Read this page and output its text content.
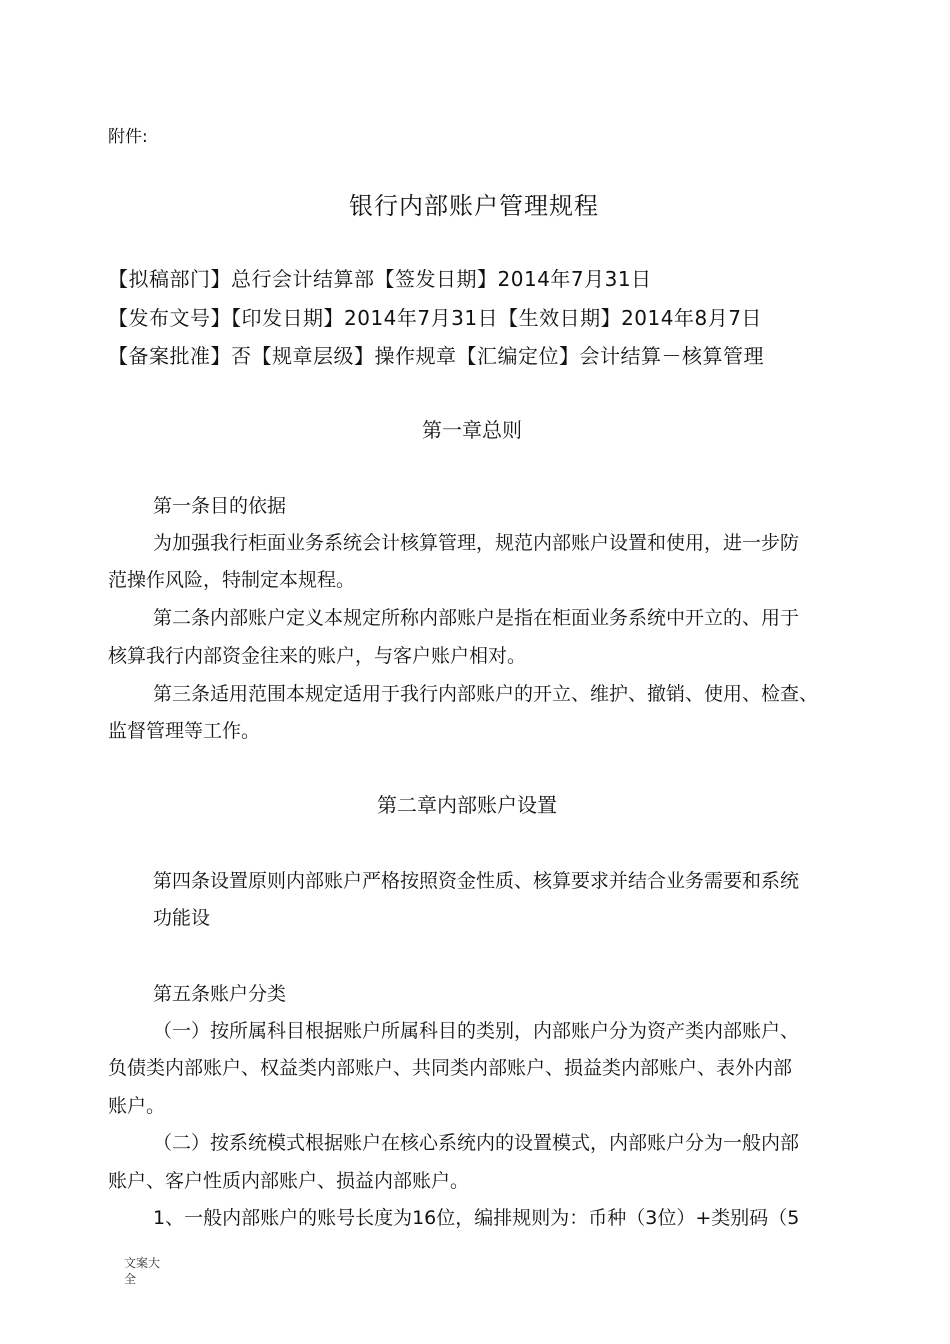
附件:
银行内部账户管理规程
【拟稿部门】总行会计结算部【签发日期】2014年7月31日
【发布文号】【印发日期】2014年7月31日【生效日期】2014年8月7日
【备案批准】否【规章层级】操作规章【汇编定位】会计结算－核算管理
第一章总则
第一条目的依据
为加强我行柜面业务系统会计核算管理，规范内部账户设置和使用，进一步防
范操作风险，特制定本规程。
第二条内部账户定义本规定所称内部账户是指在柜面业务系统中开立的、用于
核算我行内部资金往来的账户，与客户账户相对。
第三条适用范围本规定适用于我行内部账户的开立、维护、撤销、使用、检查、
监督管理等工作。
第二章内部账户设置
第四条设置原则内部账户严格按照资金性质、核算要求并结合业务需要和系统
功能设
第五条账户分类
（一）按所属科目根据账户所属科目的类别，内部账户分为资产类内部账户、
负债类内部账户、权益类内部账户、共同类内部账户、损益类内部账户、表外内部
账户。
（二）按系统模式根据账户在核心系统内的设置模式，内部账户分为一般内部
账户、客户性质内部账户、损益内部账户。
1、一般内部账户的账号长度为16位，编排规则为：币种（3位）+类别码（5
文案大
全
